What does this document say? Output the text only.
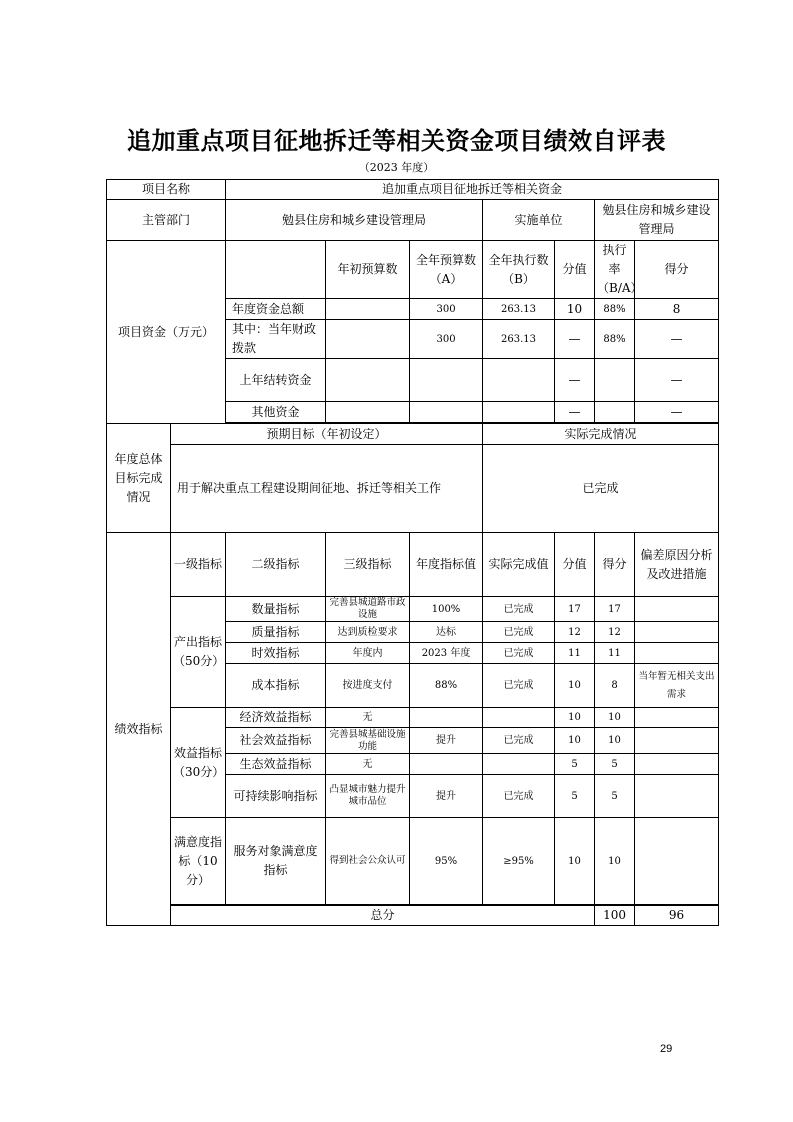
追加重点项目征地拆迁等相关资金项目绩效自评表
（2023 年度）
项目名称		追加重点项目征地拆迁等相关资金							
主管部门		勉县住房和城乡建设管理局			实施单位		勉县住房和城乡建设管理局		
项目资金（万元）			年初预算数	全年预算数（A）	全年执行数（B）	分值	执行率（B/A）	得分	
		年度资金总额		300	263.13	10	88%	8	
		其中：当年财政拨款		300	263.13	—	88%	—	
		上年结转资金				—		—	
		其他资金				—		—	

年度总体目标完成情况	预期目标（年初设定）				实际完成情况				
	用于解决重点工程建设期间征地、拆迁等相关工作				已完成				
绩效指标	一级指标	二级指标	三级指标	年度指标值	实际完成值	分值	得分	偏差原因分析及改进措施	
	产出指标（50分）	数量指标	完善县城道路市政设施	100%	已完成	17	17		
		质量指标	达到质检要求	达标	已完成	12	12		
		时效指标	年度内	2023 年度	已完成	11	11		
		成本指标	按进度支付	88%	已完成	10	8	当年暂无相关支出需求	
	效益指标（30分）	经济效益指标	无			10	10		
		社会效益指标	完善县城基础设施功能	提升	已完成	10	10		
		生态效益指标	无			5	5		
		可持续影响指标	凸显城市魅力提升城市品位	提升	已完成	5	5		
	满意度指标（10分）	服务对象满意度指标	得到社会公众认可	95%	≥95%	10	10		

	总分						100	96	
29
